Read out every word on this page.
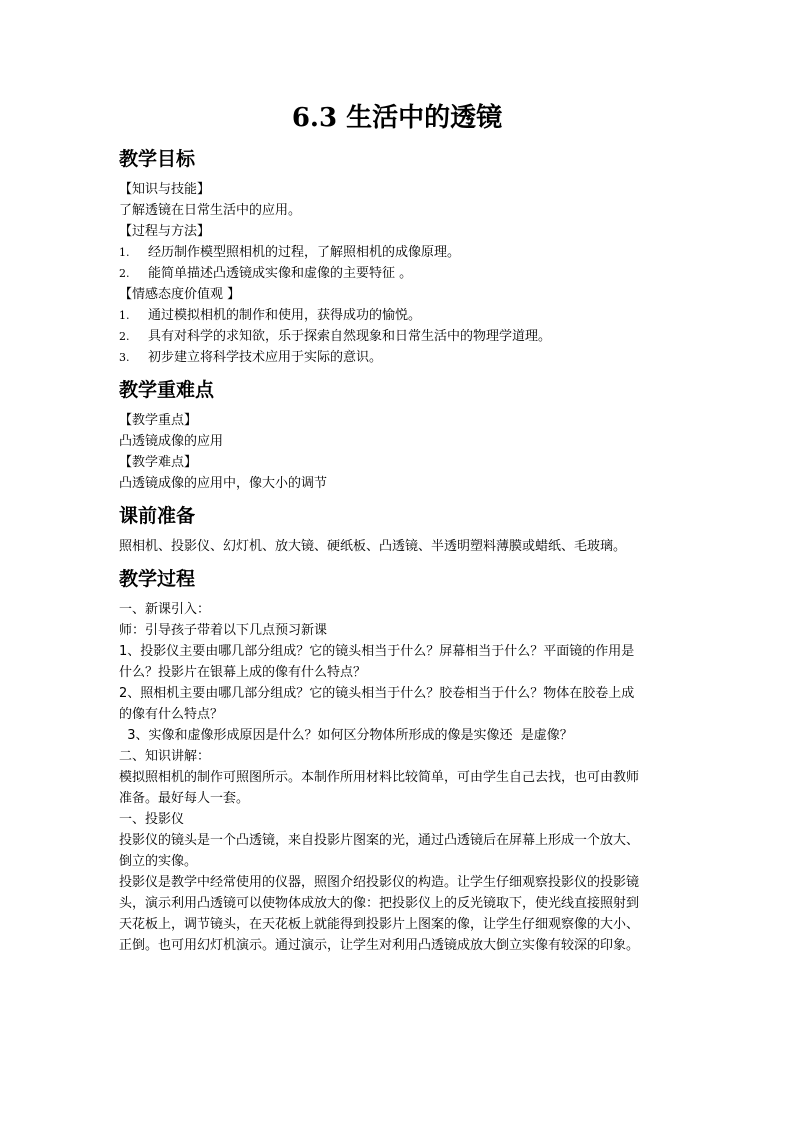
6.3 生活中的透镜
教学目标
【知识与技能】
了解透镜在日常生活中的应用。
【过程与方法】
1. 经历制作模型照相机的过程，了解照相机的成像原理。
2. 能简单描述凸透镜成实像和虚像的主要特征 。
【情感态度价值观 】
1. 通过模拟相机的制作和使用，获得成功的愉悦。
2. 具有对科学的求知欲，乐于探索自然现象和日常生活中的物理学道理。
3. 初步建立将科学技术应用于实际的意识。
教学重难点
【教学重点】
凸透镜成像的应用
【教学难点】
凸透镜成像的应用中，像大小的调节
课前准备
照相机、投影仪、幻灯机、放大镜、硬纸板、凸透镜、半透明塑料薄膜或蜡纸、毛玻璃。
教学过程
一、新课引入：
师：引导孩子带着以下几点预习新课
1、投影仪主要由哪几部分组成？它的镜头相当于什么？屏幕相当于什么？平面镜的作用是
什么？投影片在银幕上成的像有什么特点？
2、照相机主要由哪几部分组成？它的镜头相当于什么？胶卷相当于什么？物体在胶卷上成
的像有什么特点？
3、实像和虚像形成原因是什么？如何区分物体所形成的像是实像还  是虚像？
二、知识讲解：
模拟照相机的制作可照图所示。本制作所用材料比较简单，可由学生自己去找，也可由教师
准备。最好每人一套。
一、投影仪
投影仪的镜头是一个凸透镜，来自投影片图案的光，通过凸透镜后在屏幕上形成一个放大、
倒立的实像。
投影仪是教学中经常使用的仪器，照图介绍投影仪的构造。让学生仔细观察投影仪的投影镜
头，演示利用凸透镜可以使物体成放大的像：把投影仪上的反光镜取下，使光线直接照射到
天花板上，调节镜头，在天花板上就能得到投影片上图案的像，让学生仔细观察像的大小、
正倒。也可用幻灯机演示。通过演示，让学生对利用凸透镜成放大倒立实像有较深的印象。
